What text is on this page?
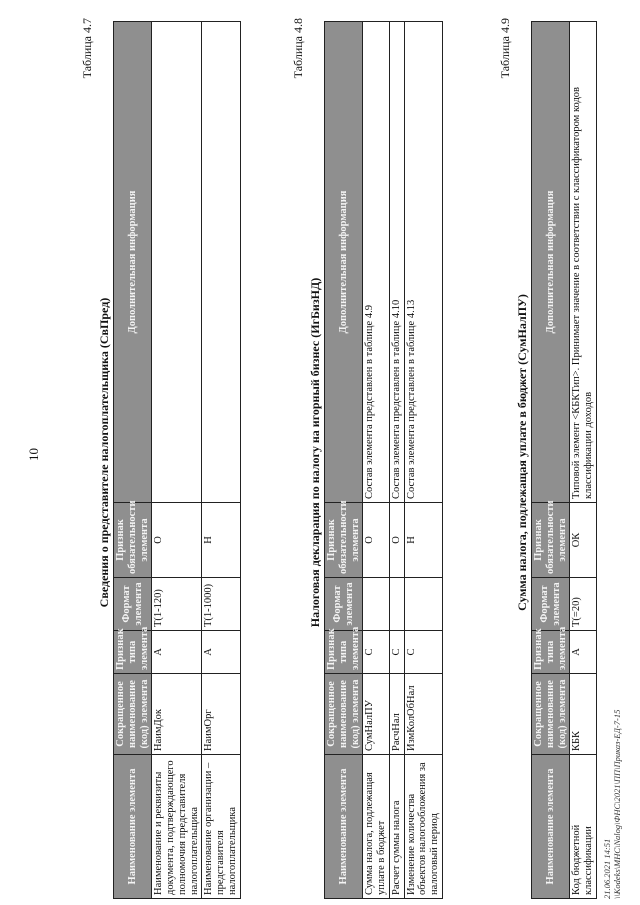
10
Таблица 4.7
Сведения о представителе налогоплательщика (СвПред)
Наименование элемента	Сокращенное наименование (код) элемента	Признак типа элемента	Формат элемента	Признак обязательности элемента	Дополнительная информация
Наименование и реквизиты документа, подтверждающего полномочия представителя налогоплательщика	НаимДок	А	T(1-120)	О	
Наименование организации – представителя налогоплательщика	НаимОрг	А	T(1-1000)	Н	
Таблица 4.8
Налоговая декларация по налогу на игорный бизнес (ИгБизНД)
Наименование элемента	Сокращенное наименование (код) элемента	Признак типа элемента	Формат элемента	Признак обязательности элемента	Дополнительная информация
Сумма налога, подлежащая уплате в бюджет	СумНалПУ	С		О	Состав элемента представлен в таблице 4.9
Расчет суммы налога	РасчНал	С		О	Состав элемента представлен в таблице 4.10
Изменение количества объектов налогообложения за налоговый период	ИзмКолОбНал	С		Н	Состав элемента представлен в таблице 4.13
Таблица 4.9
Сумма налога, подлежащая уплате в бюджет (СумНалПУ)
Наименование элемента	Сокращенное наименование (код) элемента	Признак типа элемента	Формат элемента	Признак обязательности элемента	Дополнительная информация
Код бюджетной классификации	КБК	А	T(=20)	ОК	Типовой элемент <КБКТип>. Принимает значение в соответствии с классификатором кодов классификации доходов
21.06.2021 14:51 \\Kodeks\МНС\Nalog\ФНС\2021\ПП\Приказ-ЕД-7-15
